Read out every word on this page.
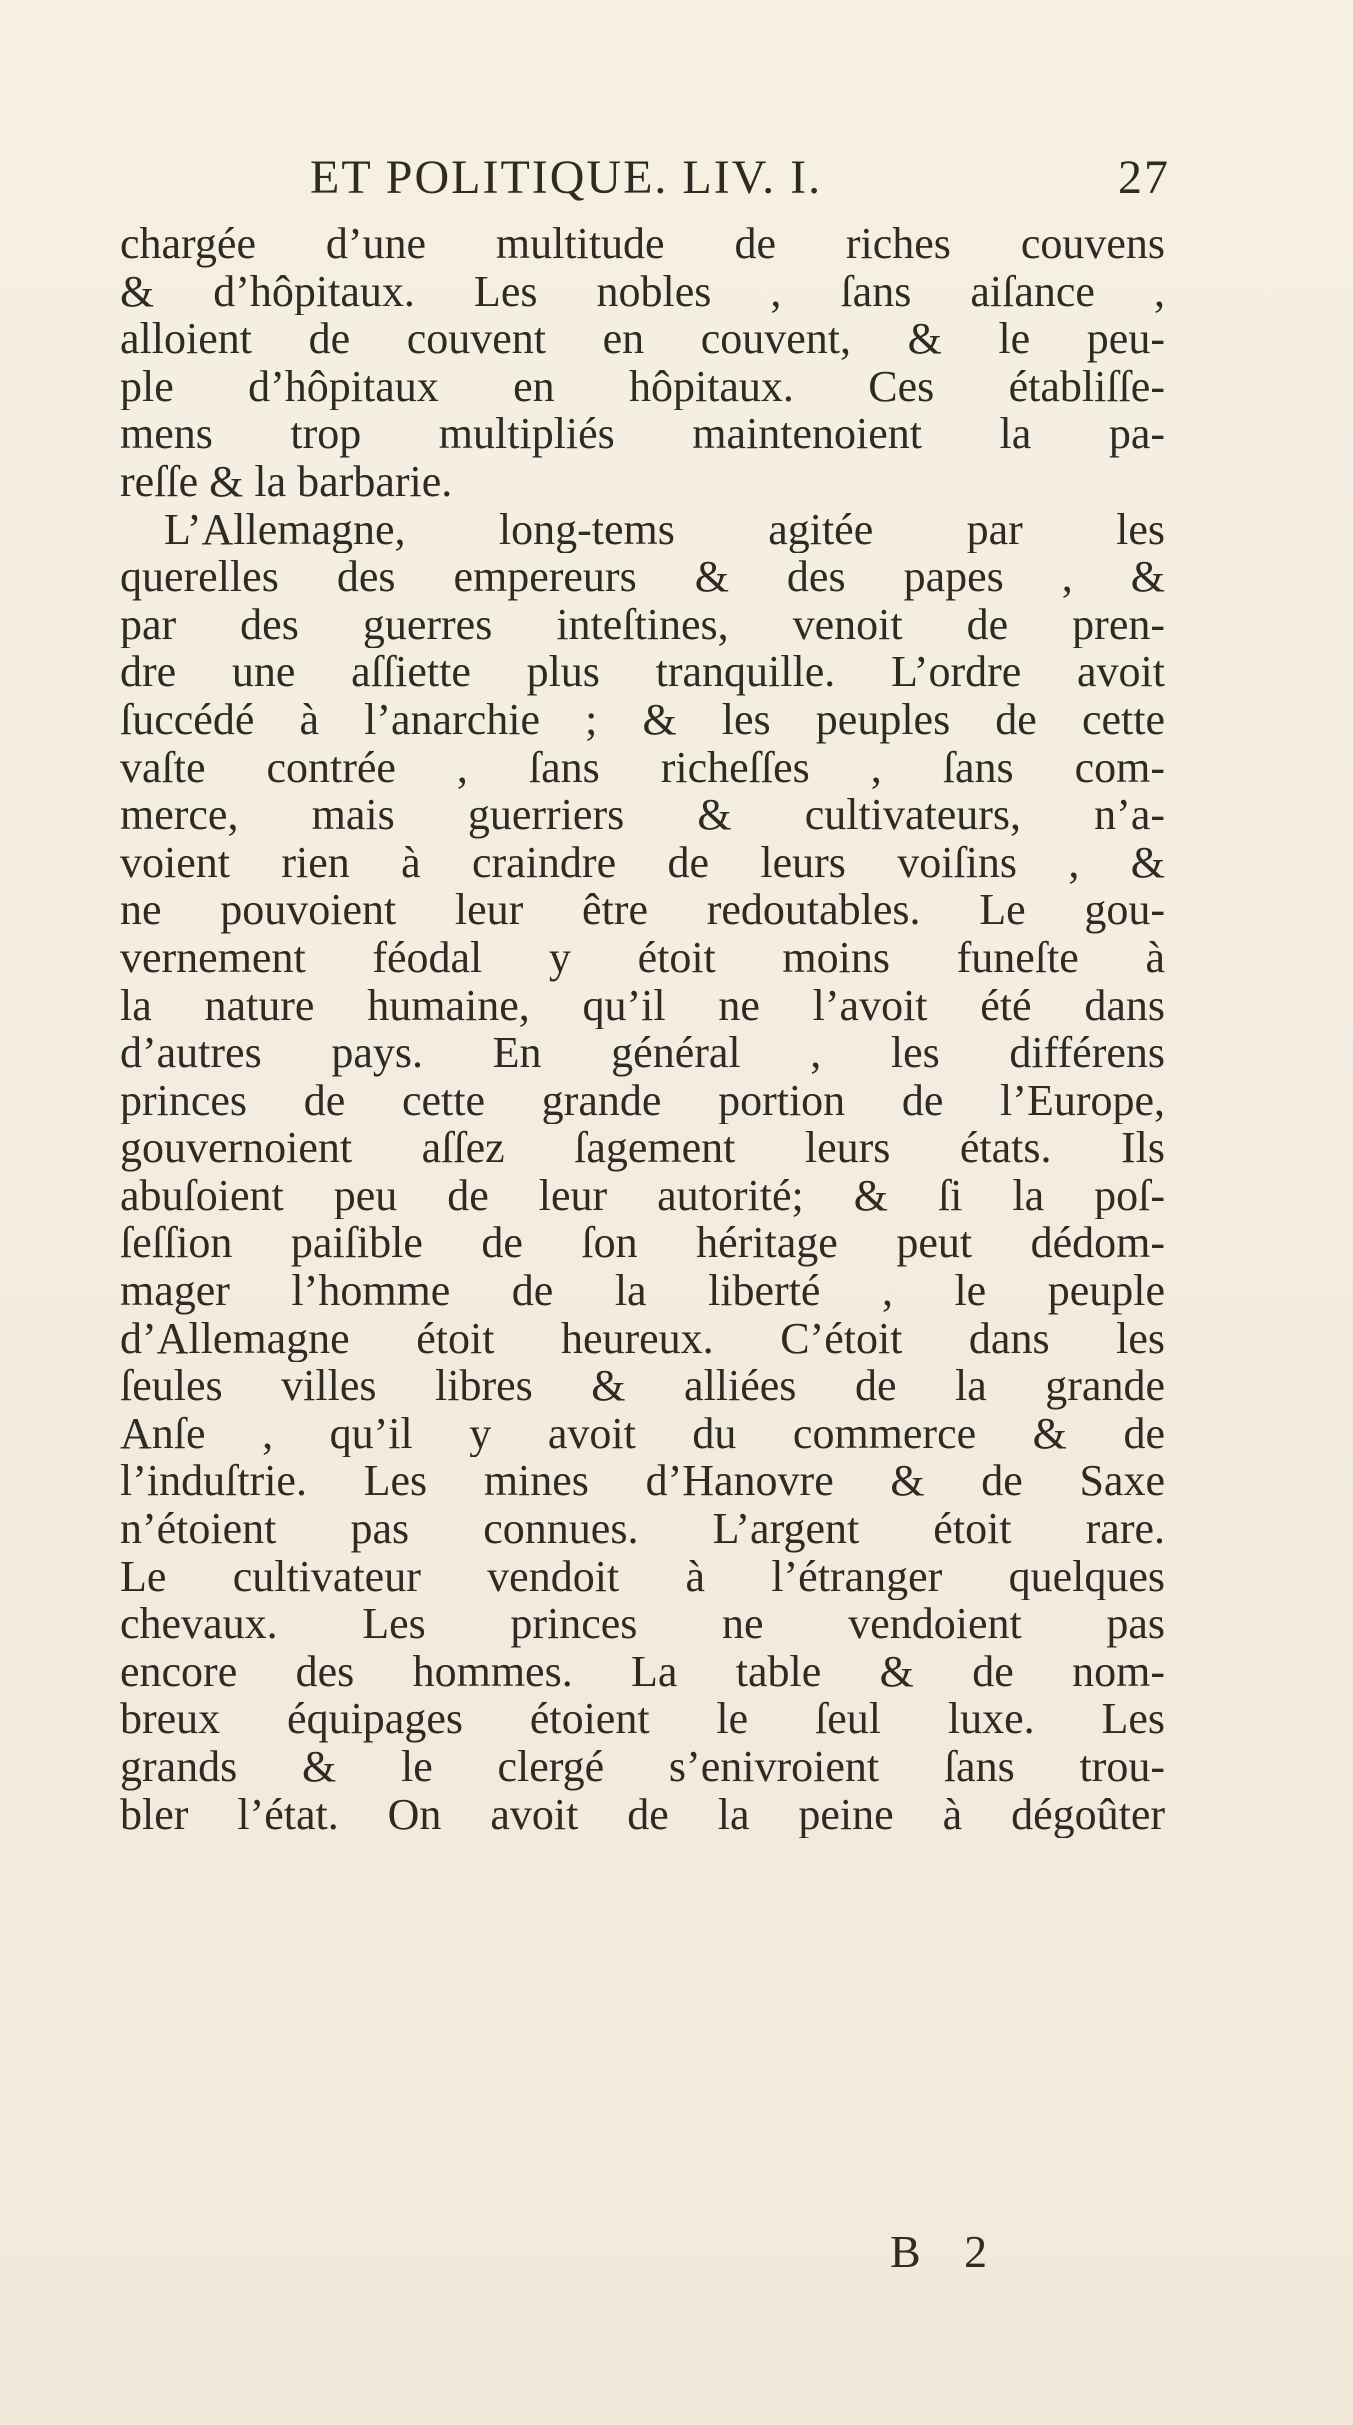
ET POLITIQUE. LIV. I.	27
chargée d’une multitude de riches couvens
& d’hôpitaux. Les nobles , ſans aiſance ,
alloient de couvent en couvent, & le peu-
ple d’hôpitaux en hôpitaux. Ces établiſſe-
mens trop multipliés maintenoient la pa-
reſſe & la barbarie.
L’Allemagne, long-tems agitée par les
querelles des empereurs & des papes , &
par des guerres inteſtines, venoit de pren-
dre une aſſiette plus tranquille. L’ordre avoit
ſuccédé à l’anarchie ; & les peuples de cette
vaſte contrée , ſans richeſſes , ſans com-
merce, mais guerriers & cultivateurs, n’a-
voient rien à craindre de leurs voiſins , &
ne pouvoient leur être redoutables. Le gou-
vernement féodal y étoit moins funeſte à
la nature humaine, qu’il ne l’avoit été dans
d’autres pays. En général , les différens
princes de cette grande portion de l’Europe,
gouvernoient aſſez ſagement leurs états. Ils
abuſoient peu de leur autorité; & ſi la poſ-
ſeſſion paiſible de ſon héritage peut dédom-
mager l’homme de la liberté , le peuple
d’Allemagne étoit heureux. C’étoit dans les
ſeules villes libres & alliées de la grande
Anſe , qu’il y avoit du commerce & de
l’induſtrie. Les mines d’Hanovre & de Saxe
n’étoient pas connues. L’argent étoit rare.
Le cultivateur vendoit à l’étranger quelques
chevaux. Les princes ne vendoient pas
encore des hommes. La table & de nom-
breux équipages étoient le ſeul luxe. Les
grands & le clergé s’enivroient ſans trou-
bler l’état. On avoit de la peine à dégoûter
B 2
